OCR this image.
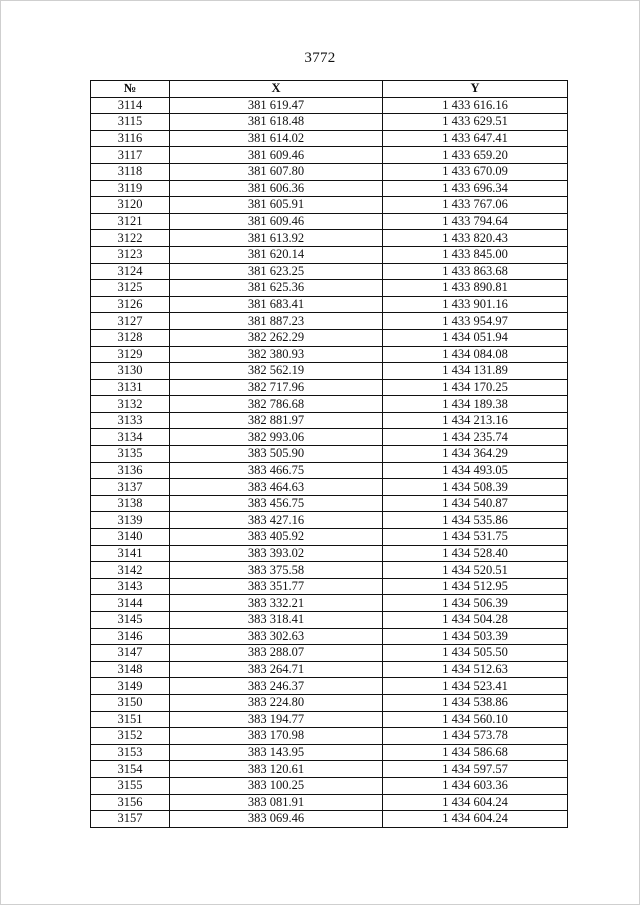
3772
№	X	Y
3114	381 619.47	1 433 616.16
3115	381 618.48	1 433 629.51
3116	381 614.02	1 433 647.41
3117	381 609.46	1 433 659.20
3118	381 607.80	1 433 670.09
3119	381 606.36	1 433 696.34
3120	381 605.91	1 433 767.06
3121	381 609.46	1 433 794.64
3122	381 613.92	1 433 820.43
3123	381 620.14	1 433 845.00
3124	381 623.25	1 433 863.68
3125	381 625.36	1 433 890.81
3126	381 683.41	1 433 901.16
3127	381 887.23	1 433 954.97
3128	382 262.29	1 434 051.94
3129	382 380.93	1 434 084.08
3130	382 562.19	1 434 131.89
3131	382 717.96	1 434 170.25
3132	382 786.68	1 434 189.38
3133	382 881.97	1 434 213.16
3134	382 993.06	1 434 235.74
3135	383 505.90	1 434 364.29
3136	383 466.75	1 434 493.05
3137	383 464.63	1 434 508.39
3138	383 456.75	1 434 540.87
3139	383 427.16	1 434 535.86
3140	383 405.92	1 434 531.75
3141	383 393.02	1 434 528.40
3142	383 375.58	1 434 520.51
3143	383 351.77	1 434 512.95
3144	383 332.21	1 434 506.39
3145	383 318.41	1 434 504.28
3146	383 302.63	1 434 503.39
3147	383 288.07	1 434 505.50
3148	383 264.71	1 434 512.63
3149	383 246.37	1 434 523.41
3150	383 224.80	1 434 538.86
3151	383 194.77	1 434 560.10
3152	383 170.98	1 434 573.78
3153	383 143.95	1 434 586.68
3154	383 120.61	1 434 597.57
3155	383 100.25	1 434 603.36
3156	383 081.91	1 434 604.24
3157	383 069.46	1 434 604.24
